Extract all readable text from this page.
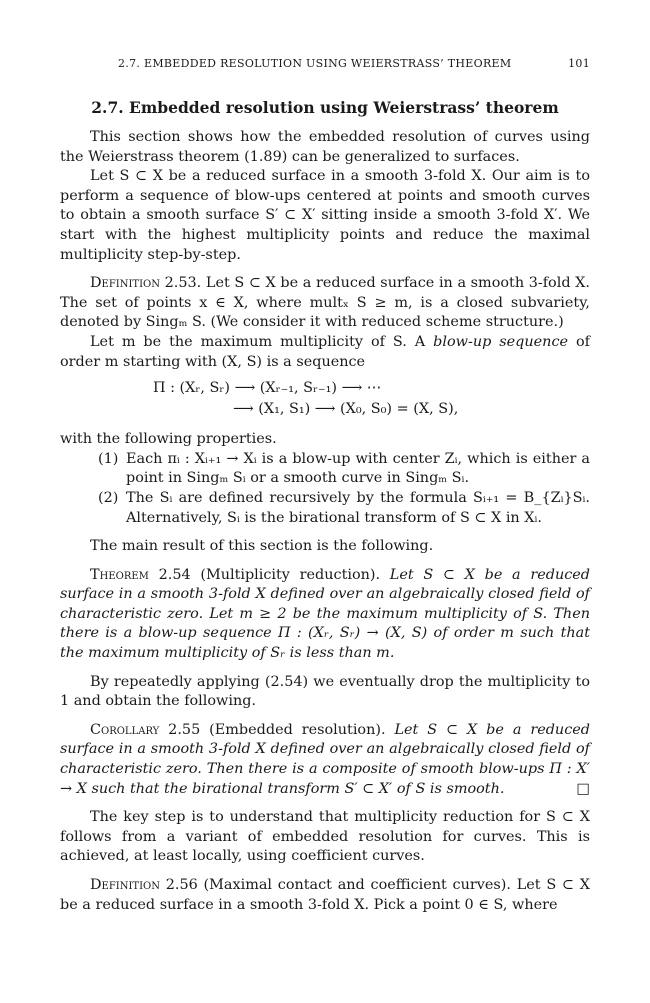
2.7. EMBEDDED RESOLUTION USING WEIERSTRASS’ THEOREM	101
2.7. Embedded resolution using Weierstrass’ theorem

This section shows how the embedded resolution of curves using the Weierstrass theorem (1.89) can be generalized to surfaces.

Let S ⊂ X be a reduced surface in a smooth 3-fold X. Our aim is to perform a sequence of blow-ups centered at points and smooth curves to obtain a smooth surface S′ ⊂ X′ sitting inside a smooth 3-fold X′. We start with the highest multiplicity points and reduce the maximal multiplicity step-by-step.

Definition 2.53. Let S ⊂ X be a reduced surface in a smooth 3-fold X. The set of points x ∈ X, where multₓ S ≥ m, is a closed subvariety, denoted by Singₘ S. (We consider it with reduced scheme structure.)

Let m be the maximum multiplicity of S. A blow-up sequence of order m starting with (X, S) is a sequence

Π : (Xᵣ, Sᵣ) ⟶ (Xᵣ₋₁, Sᵣ₋₁) ⟶ ⋯
⟶ (X₁, S₁) ⟶ (X₀, S₀) = (X, S),

with the following properties.

(1) Each πᵢ : Xᵢ₊₁ → Xᵢ is a blow-up with center Zᵢ, which is either a point in Singₘ Sᵢ or a smooth curve in Singₘ Sᵢ.
(2) The Sᵢ are defined recursively by the formula Sᵢ₊₁ = B_{Zᵢ}Sᵢ. Alternatively, Sᵢ is the birational transform of S ⊂ X in Xᵢ.

The main result of this section is the following.

Theorem 2.54 (Multiplicity reduction). Let S ⊂ X be a reduced surface in a smooth 3-fold X defined over an algebraically closed field of characteristic zero. Let m ≥ 2 be the maximum multiplicity of S. Then there is a blow-up sequence Π : (Xᵣ, Sᵣ) → (X, S) of order m such that the maximum multiplicity of Sᵣ is less than m.

By repeatedly applying (2.54) we eventually drop the multiplicity to 1 and obtain the following.

Corollary 2.55 (Embedded resolution). Let S ⊂ X be a reduced surface in a smooth 3-fold X defined over an algebraically closed field of characteristic zero. Then there is a composite of smooth blow-ups Π : X′ → X such that the birational transform S′ ⊂ X′ of S is smooth.	□

The key step is to understand that multiplicity reduction for S ⊂ X follows from a variant of embedded resolution for curves. This is achieved, at least locally, using coefficient curves.

Definition 2.56 (Maximal contact and coefficient curves). Let S ⊂ X be a reduced surface in a smooth 3-fold X. Pick a point 0 ∈ S, where
